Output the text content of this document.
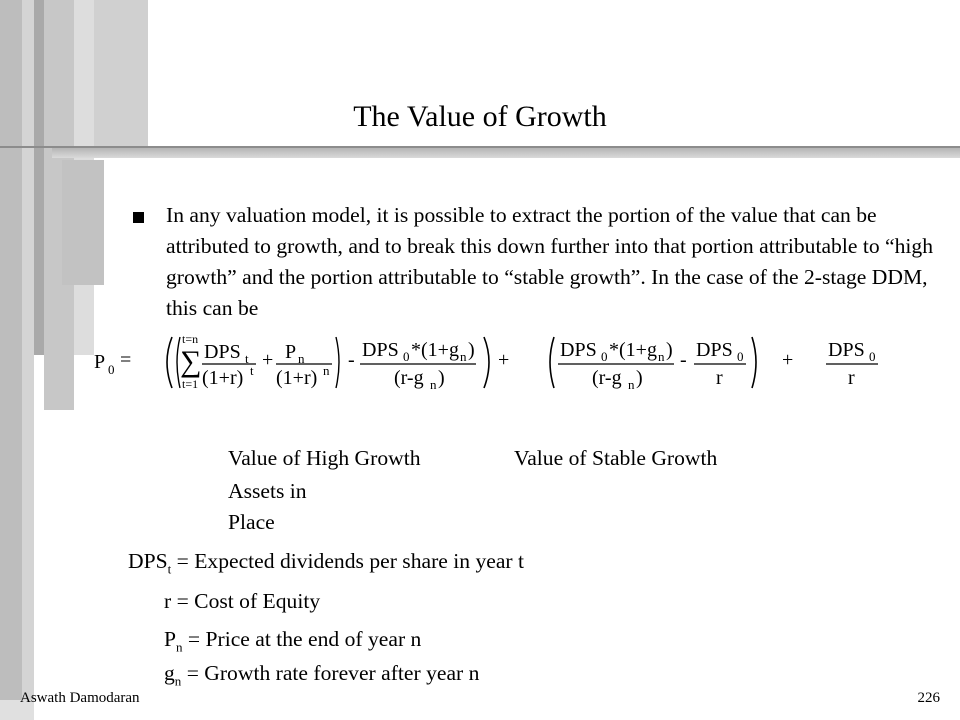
The Value of Growth
In any valuation model, it is possible to extract the portion of the value that can be attributed to growth, and to break this down further into that portion attributable to “high growth” and the portion attributable to “stable growth”. In the case of the 2-stage DDM, this can be
P 0 =
t=n
∑
t=1
DPS t
(1+r) t + P n
(1+r) n - DPS 0 *(1+g n )
(r-g n )
+	DPS 0 *(1+g n )
(r-g n )
- DPS 0
r
+ DPS 0
r
Value of High Growth	Value of Stable Growth
Assets in
Place
$DPS_t$ = Expected dividends per share in year t
r = Cost of Equity
$P_n$ = Price at the end of year n
$g_n$ = Growth rate forever after year n
Aswath Damodaran	226
